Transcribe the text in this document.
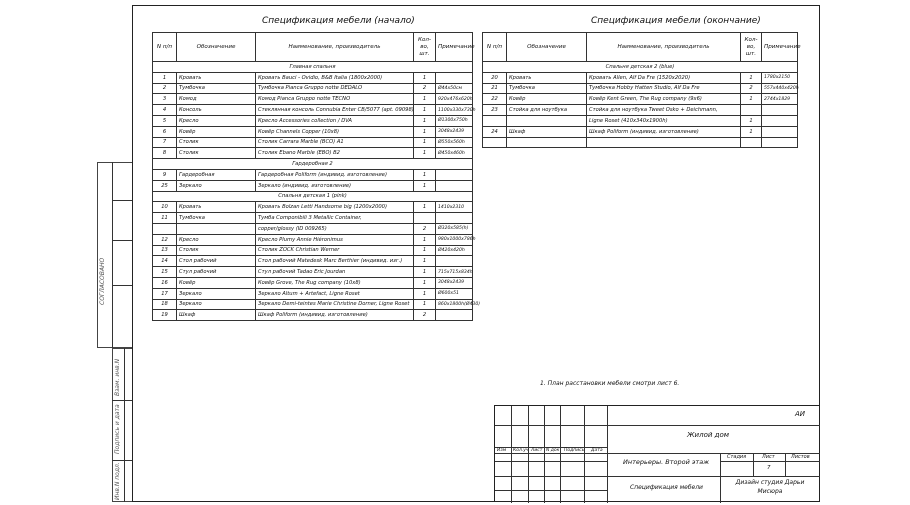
СОГЛАСОВАНО
Взам. инв.N
Подпись и дата
Инв.N подл.
Спецификация мебели (начало)	Спецификация мебели (окончание)
N п/п	Обозначение	Наименование, производитель	Кол-во, шт.	Примечание
Главная спальня				
1	Кровать	Кровать Bauci - Ovidio, B&B Italia (1800х2000)	1	
2	Тумбочка	Тумбочка Pianca Gruppo notte DEDALO	2	Ø44х50см
3	Комод	Комод Pianca Gruppo notte TECNO	1	920х476х620h
4	Консоль	Стеклянная консоль Connubia Enter CB/5077 (apt. 09098)	1	1100х330х730h
5	Кресло	Кресло Accessories collection / DVA	1	Ø1300х750h
6	Ковёр	Ковёр Channels Copper (10х8)	1	3048х2439
7	Столик	Столик Carrara Marble (BCO) A1	1	Ø550х560h
8	Столик	Столик Ebano Marble (EBO) B2	1	Ø450х460h
Гардеробная 2				
9	Гардеробная	Гардеробная Poliform (индивид. изготовление)	1	
25	Зеркало	Зеркало (индивид. изготовление)	1	
Спальня детская 1 (pink)				
10	Кровать	Кровать Bolzan Letti Handsome big (1200х2000)	1	1410х2310
11	Тумбочка	Тумба Componibili 3 Metallic Container,		
		copper/glossy (ID 009265)	2	Ø320х585(h)
12	Кресло	Кресло Plumy Annie Hiéronimus	1	980х1000х786h
13	Столик	Столик ZOCK Christian Werner	1	Ø420х420h
14	Стол рабочий	Стол рабочий Matedesk Marc Berthier (индивид. изг.)	1	
15	Стул рабочий	Стул рабочий Tadao Eric Jourdan	1	715х715х834h
16	Ковёр	Ковёр Grove, The Rug company (10х8)	1	3048х2439
17	Зеркало	Зеркало Altum + Artefact, Ligne Roset	1	Ø600х51
18	Зеркало	Зеркало Demi-teintes Marie Christine Dorner, Ligne Roset	1	860х1800h(Ø430)
19	Шкаф	Шкаф Poliform (индивид. изготовление)	2	
N п/п	Обозначение	Наименование, производитель	Кол-во, шт.	Примечание
Спальня детская 2 (blue)				
20	Кровать	Кровать Allen, Alf Da Fre (1520х2020)	1	1780х2150
21	Тумбочка	Тумбочка Hobby Hatten Studio, Alf Da Fre	2	557х440х420h
22	Ковёр	Ковёр Kent Green, The Rug company (9х6)	1	2744х1829
23	Стойка для ноутбука	Стойка для ноутбука Tweet Osko + Deichmann,		
		Ligne Roset (410х340х1900h)	1	
24	Шкаф	Шкаф Poliform (индивид. изготовление)	1	

1. План расстановки мебели смотри лист 6.
АИ
Жилой дом
Интерьеры. Второй этаж
Спецификация мебели
Дизайн студия Дарьи Мисюра
Изм Кол.уч Лист N док Подпись Дата
Стадия	Лист	Листов
7
